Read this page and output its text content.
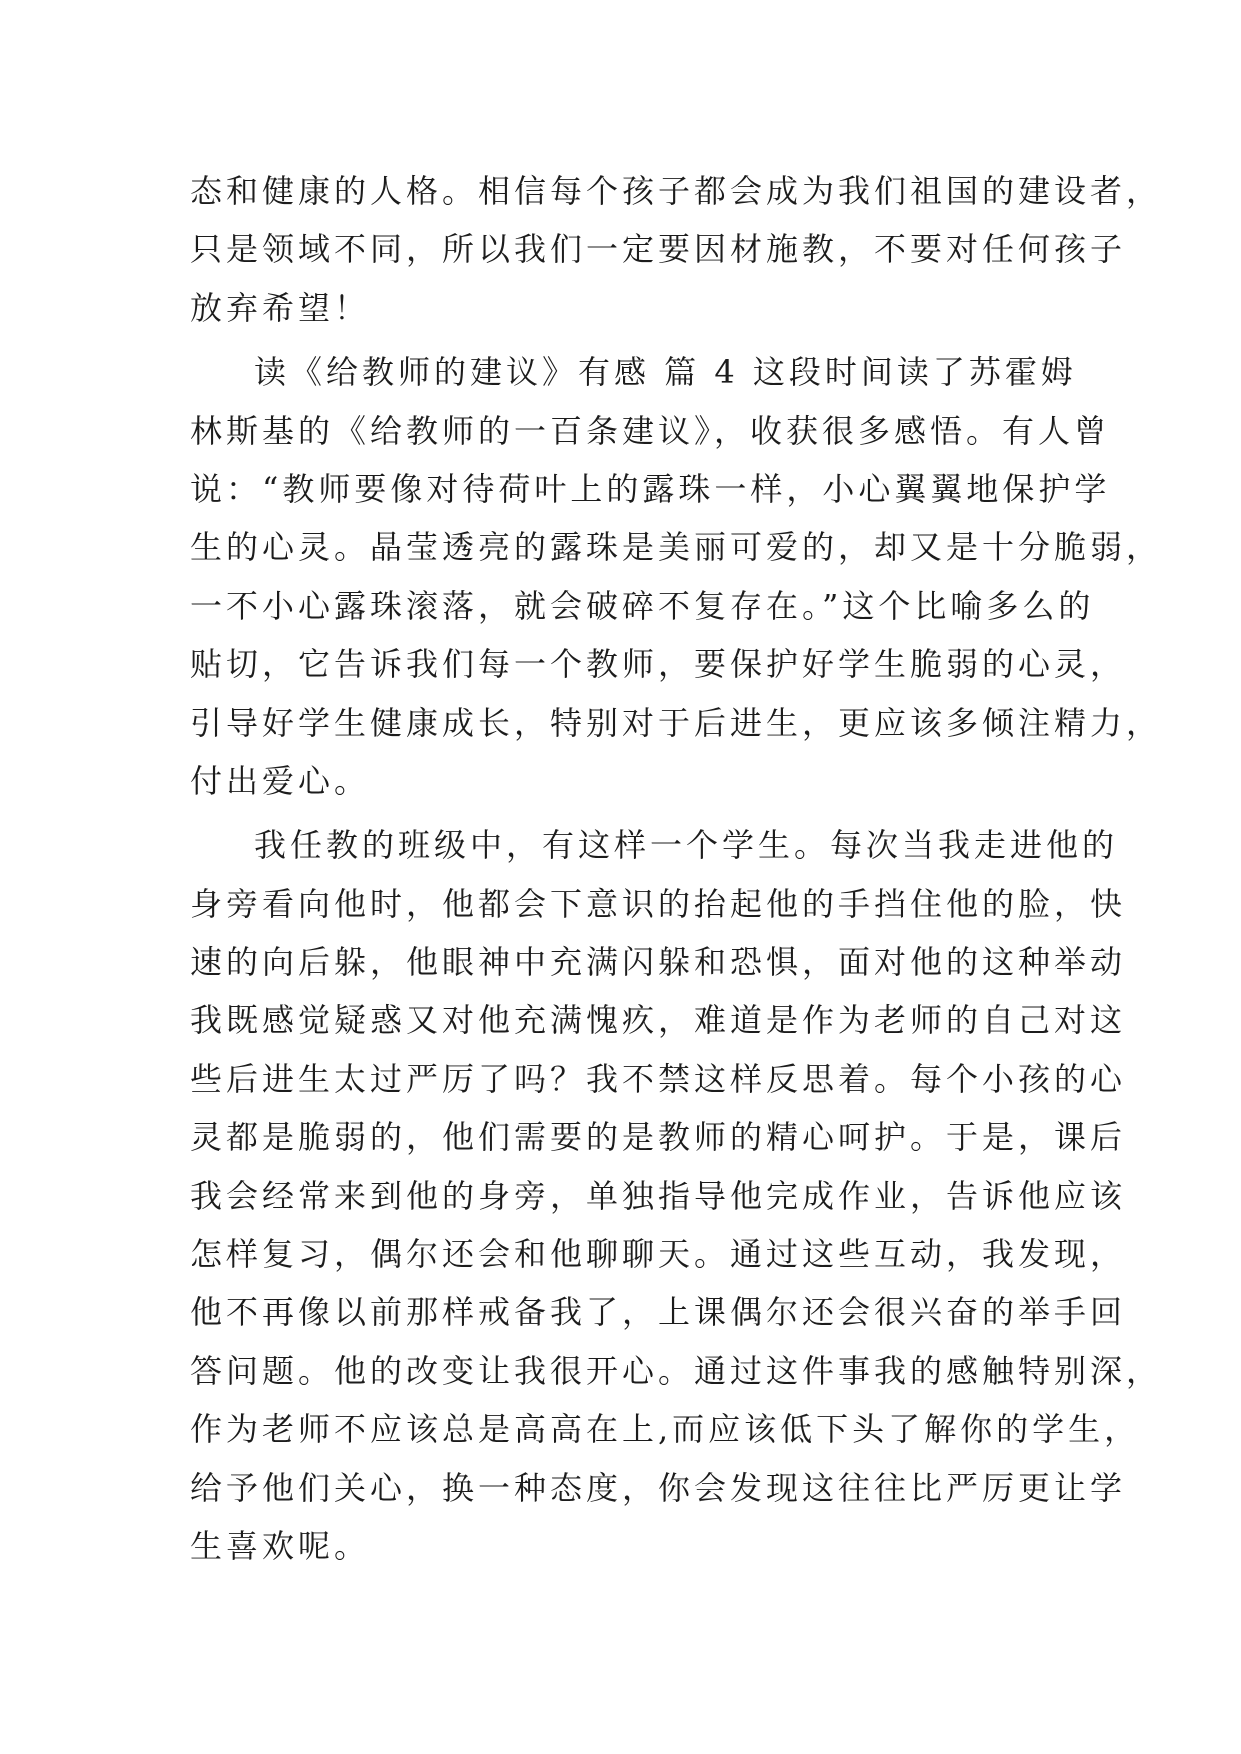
态和健康的人格。相信每个孩子都会成为我们祖国的建设者，
只是领域不同，所以我们一定要因材施教，不要对任何孩子
放弃希望！
读《给教师的建议》有感 篇 4 这段时间读了苏霍姆
林斯基的《给教师的一百条建议》，收获很多感悟。有人曾
说：“教师要像对待荷叶上的露珠一样，小心翼翼地保护学
生的心灵。晶莹透亮的露珠是美丽可爱的，却又是十分脆弱，
一不小心露珠滚落，就会破碎不复存在。”这个比喻多么的
贴切，它告诉我们每一个教师，要保护好学生脆弱的心灵，
引导好学生健康成长，特别对于后进生，更应该多倾注精力，
付出爱心。
我任教的班级中，有这样一个学生。每次当我走进他的
身旁看向他时，他都会下意识的抬起他的手挡住他的脸，快
速的向后躲，他眼神中充满闪躲和恐惧，面对他的这种举动
我既感觉疑惑又对他充满愧疚，难道是作为老师的自己对这
些后进生太过严厉了吗？我不禁这样反思着。每个小孩的心
灵都是脆弱的，他们需要的是教师的精心呵护。于是，课后
我会经常来到他的身旁，单独指导他完成作业，告诉他应该
怎样复习，偶尔还会和他聊聊天。通过这些互动，我发现，
他不再像以前那样戒备我了，上课偶尔还会很兴奋的举手回
答问题。他的改变让我很开心。通过这件事我的感触特别深，
作为老师不应该总是高高在上,而应该低下头了解你的学生，
给予他们关心，换一种态度，你会发现这往往比严厉更让学
生喜欢呢。
